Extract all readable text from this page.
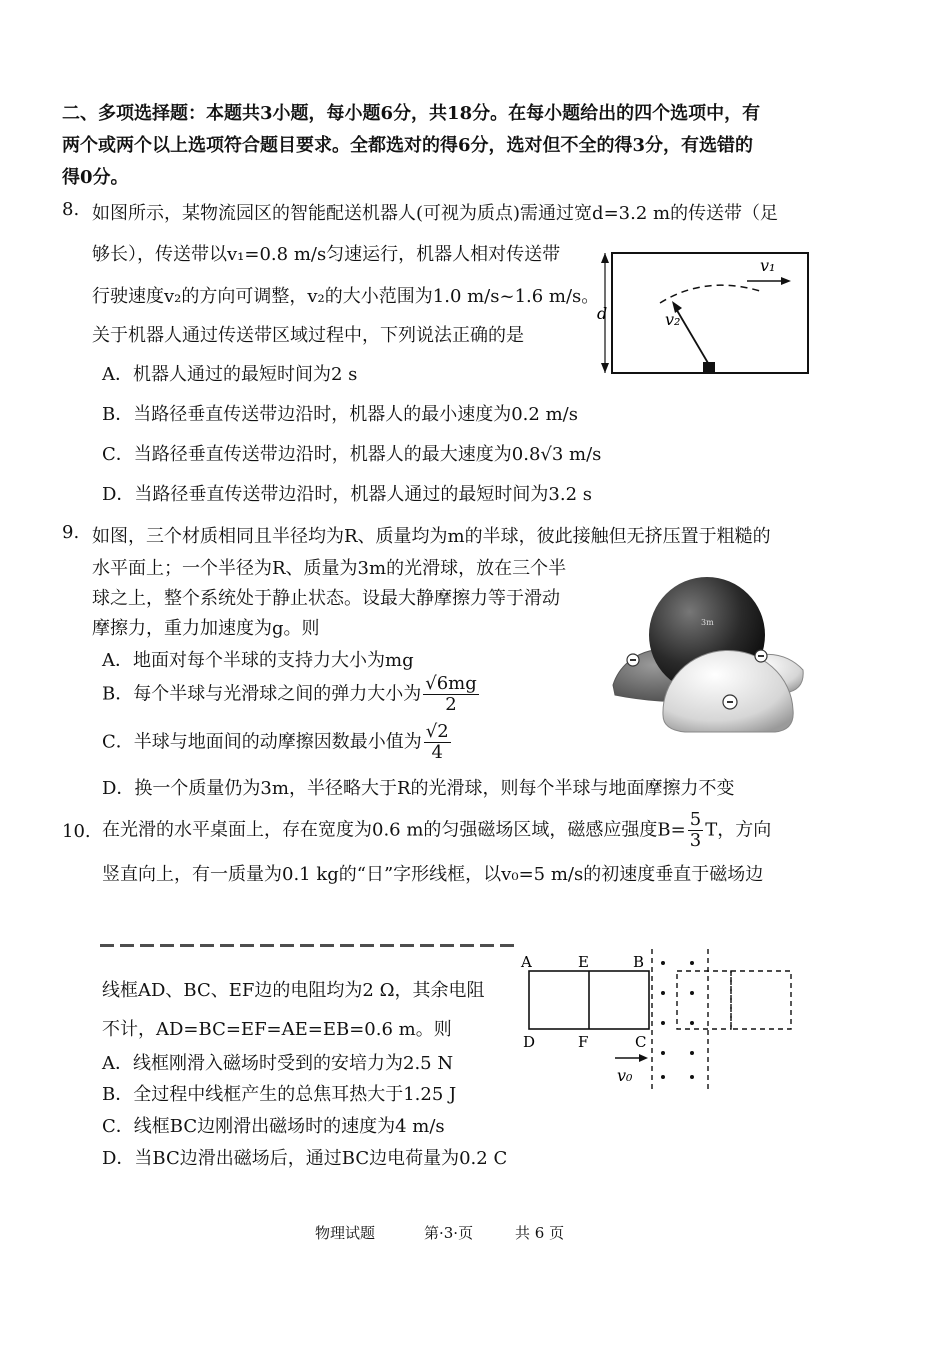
二、多项选择题：本题共3小题，每小题6分，共18分。在每小题给出的四个选项中，有
两个或两个以上选项符合题目要求。全都选对的得6分，选对但不全的得3分，有选错的
得0分。
8. 如图所示，某物流园区的智能配送机器人(可视为质点)需通过宽d=3.2 m的传送带（足
够长），传送带以v₁=0.8 m/s匀速运行，机器人相对传送带
行驶速度v₂的方向可调整，v₂的大小范围为1.0 m/s~1.6 m/s。
关于机器人通过传送带区域过程中，下列说法正确的是
A．机器人通过的最短时间为2 s
B．当路径垂直传送带边沿时，机器人的最小速度为0.2 m/s
C．当路径垂直传送带边沿时，机器人的最大速度为0.8√3 m/s
D．当路径垂直传送带边沿时，机器人通过的最短时间为3.2 s
d
v₁
v₂
9. 如图，三个材质相同且半径均为R、质量均为m的半球，彼此接触但无挤压置于粗糙的
水平面上；一个半径为R、质量为3m的光滑球，放在三个半
球之上，整个系统处于静止状态。设最大静摩擦力等于滑动
摩擦力，重力加速度为g。则
A．地面对每个半球的支持力大小为mg
B．每个半球与光滑球之间的弹力大小为 $\frac{√6mg}{2}$
C．半球与地面间的动摩擦因数最小值为 $\frac{√2}{4}$
D．换一个质量仍为3m，半径略大于R的光滑球，则每个半球与地面摩擦力不变
3m
10. 在光滑的水平桌面上，存在宽度为0.6 m的匀强磁场区域，磁感应强度$B= \frac{5}{3}$ T，方向
竖直向上，有一质量为0.1 kg的“日”字形线框，以v₀=5 m/s的初速度垂直于磁场边
线框AD、BC、EF边的电阻均为2 Ω，其余电阻
不计，AD=BC=EF=AE=EB=0.6 m。则
A．线框刚滑入磁场时受到的安培力为2.5 N
B．全过程中线框产生的总焦耳热大于1.25 J
C．线框BC边刚滑出磁场时的速度为4 m/s
D．当BC边滑出磁场后，通过BC边电荷量为0.2 C
A	E	B
D	F	C
v₀
物理试题	第·3·页	共 6 页
